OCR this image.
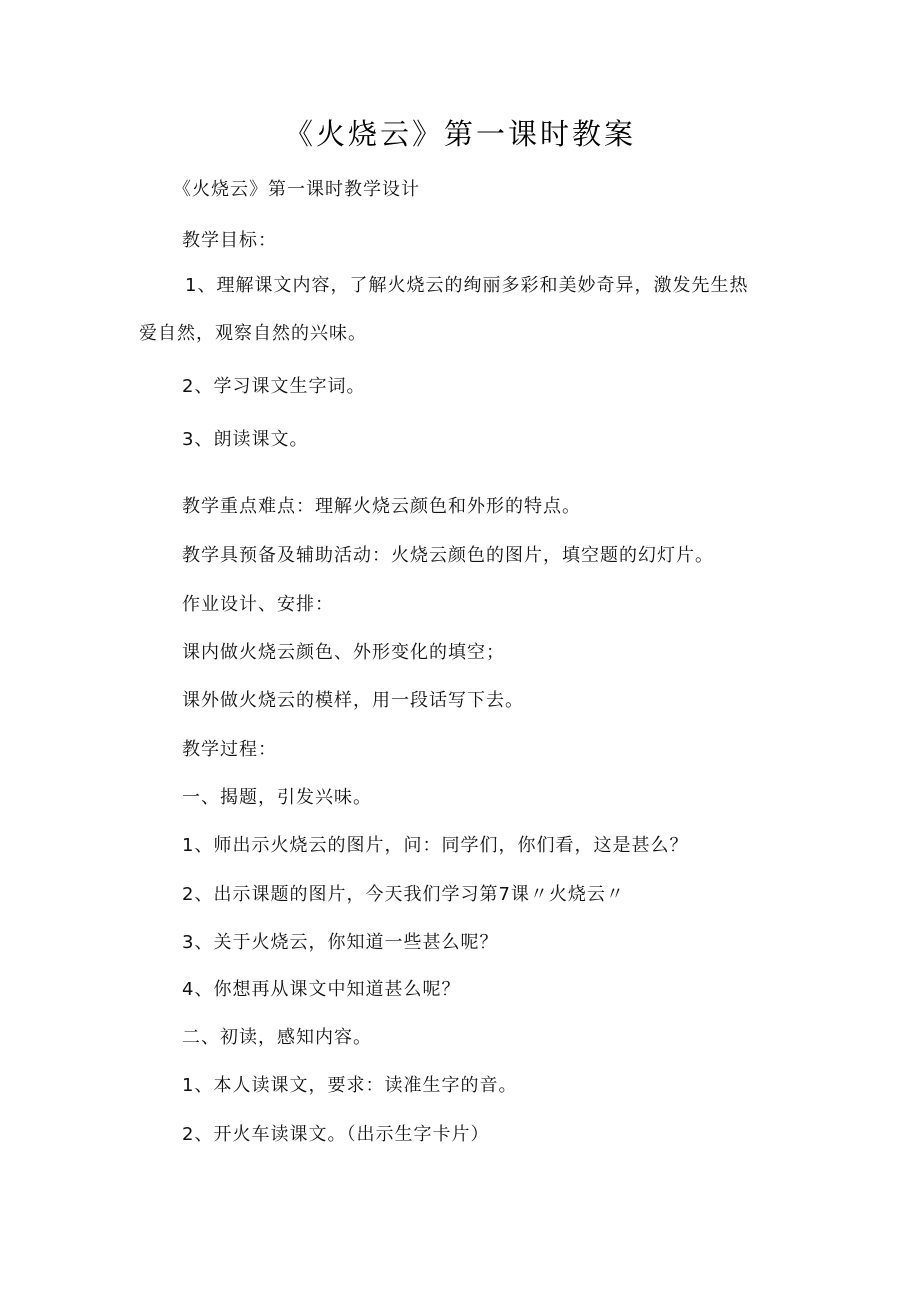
《火烧云》第一课时教案
《火烧云》第一课时教学设计
教学目标：
1、理解课文内容，了解火烧云的绚丽多彩和美妙奇异，激发先生热
爱自然，观察自然的兴味。
2、学习课文生字词。
3、朗读课文。
教学重点难点：理解火烧云颜色和外形的特点。
教学具预备及辅助活动：火烧云颜色的图片，填空题的幻灯片。
作业设计、安排：
课内做火烧云颜色、外形变化的填空；
课外做火烧云的模样，用一段话写下去。
教学过程：
一、揭题，引发兴味。
1、师出示火烧云的图片，问：同学们，你们看，这是甚么？
2、出示课题的图片，今天我们学习第7课〃火烧云〃
3、关于火烧云，你知道一些甚么呢？
4、你想再从课文中知道甚么呢？
二、初读，感知内容。
1、本人读课文，要求：读准生字的音。
2、开火车读课文。（出示生字卡片）
